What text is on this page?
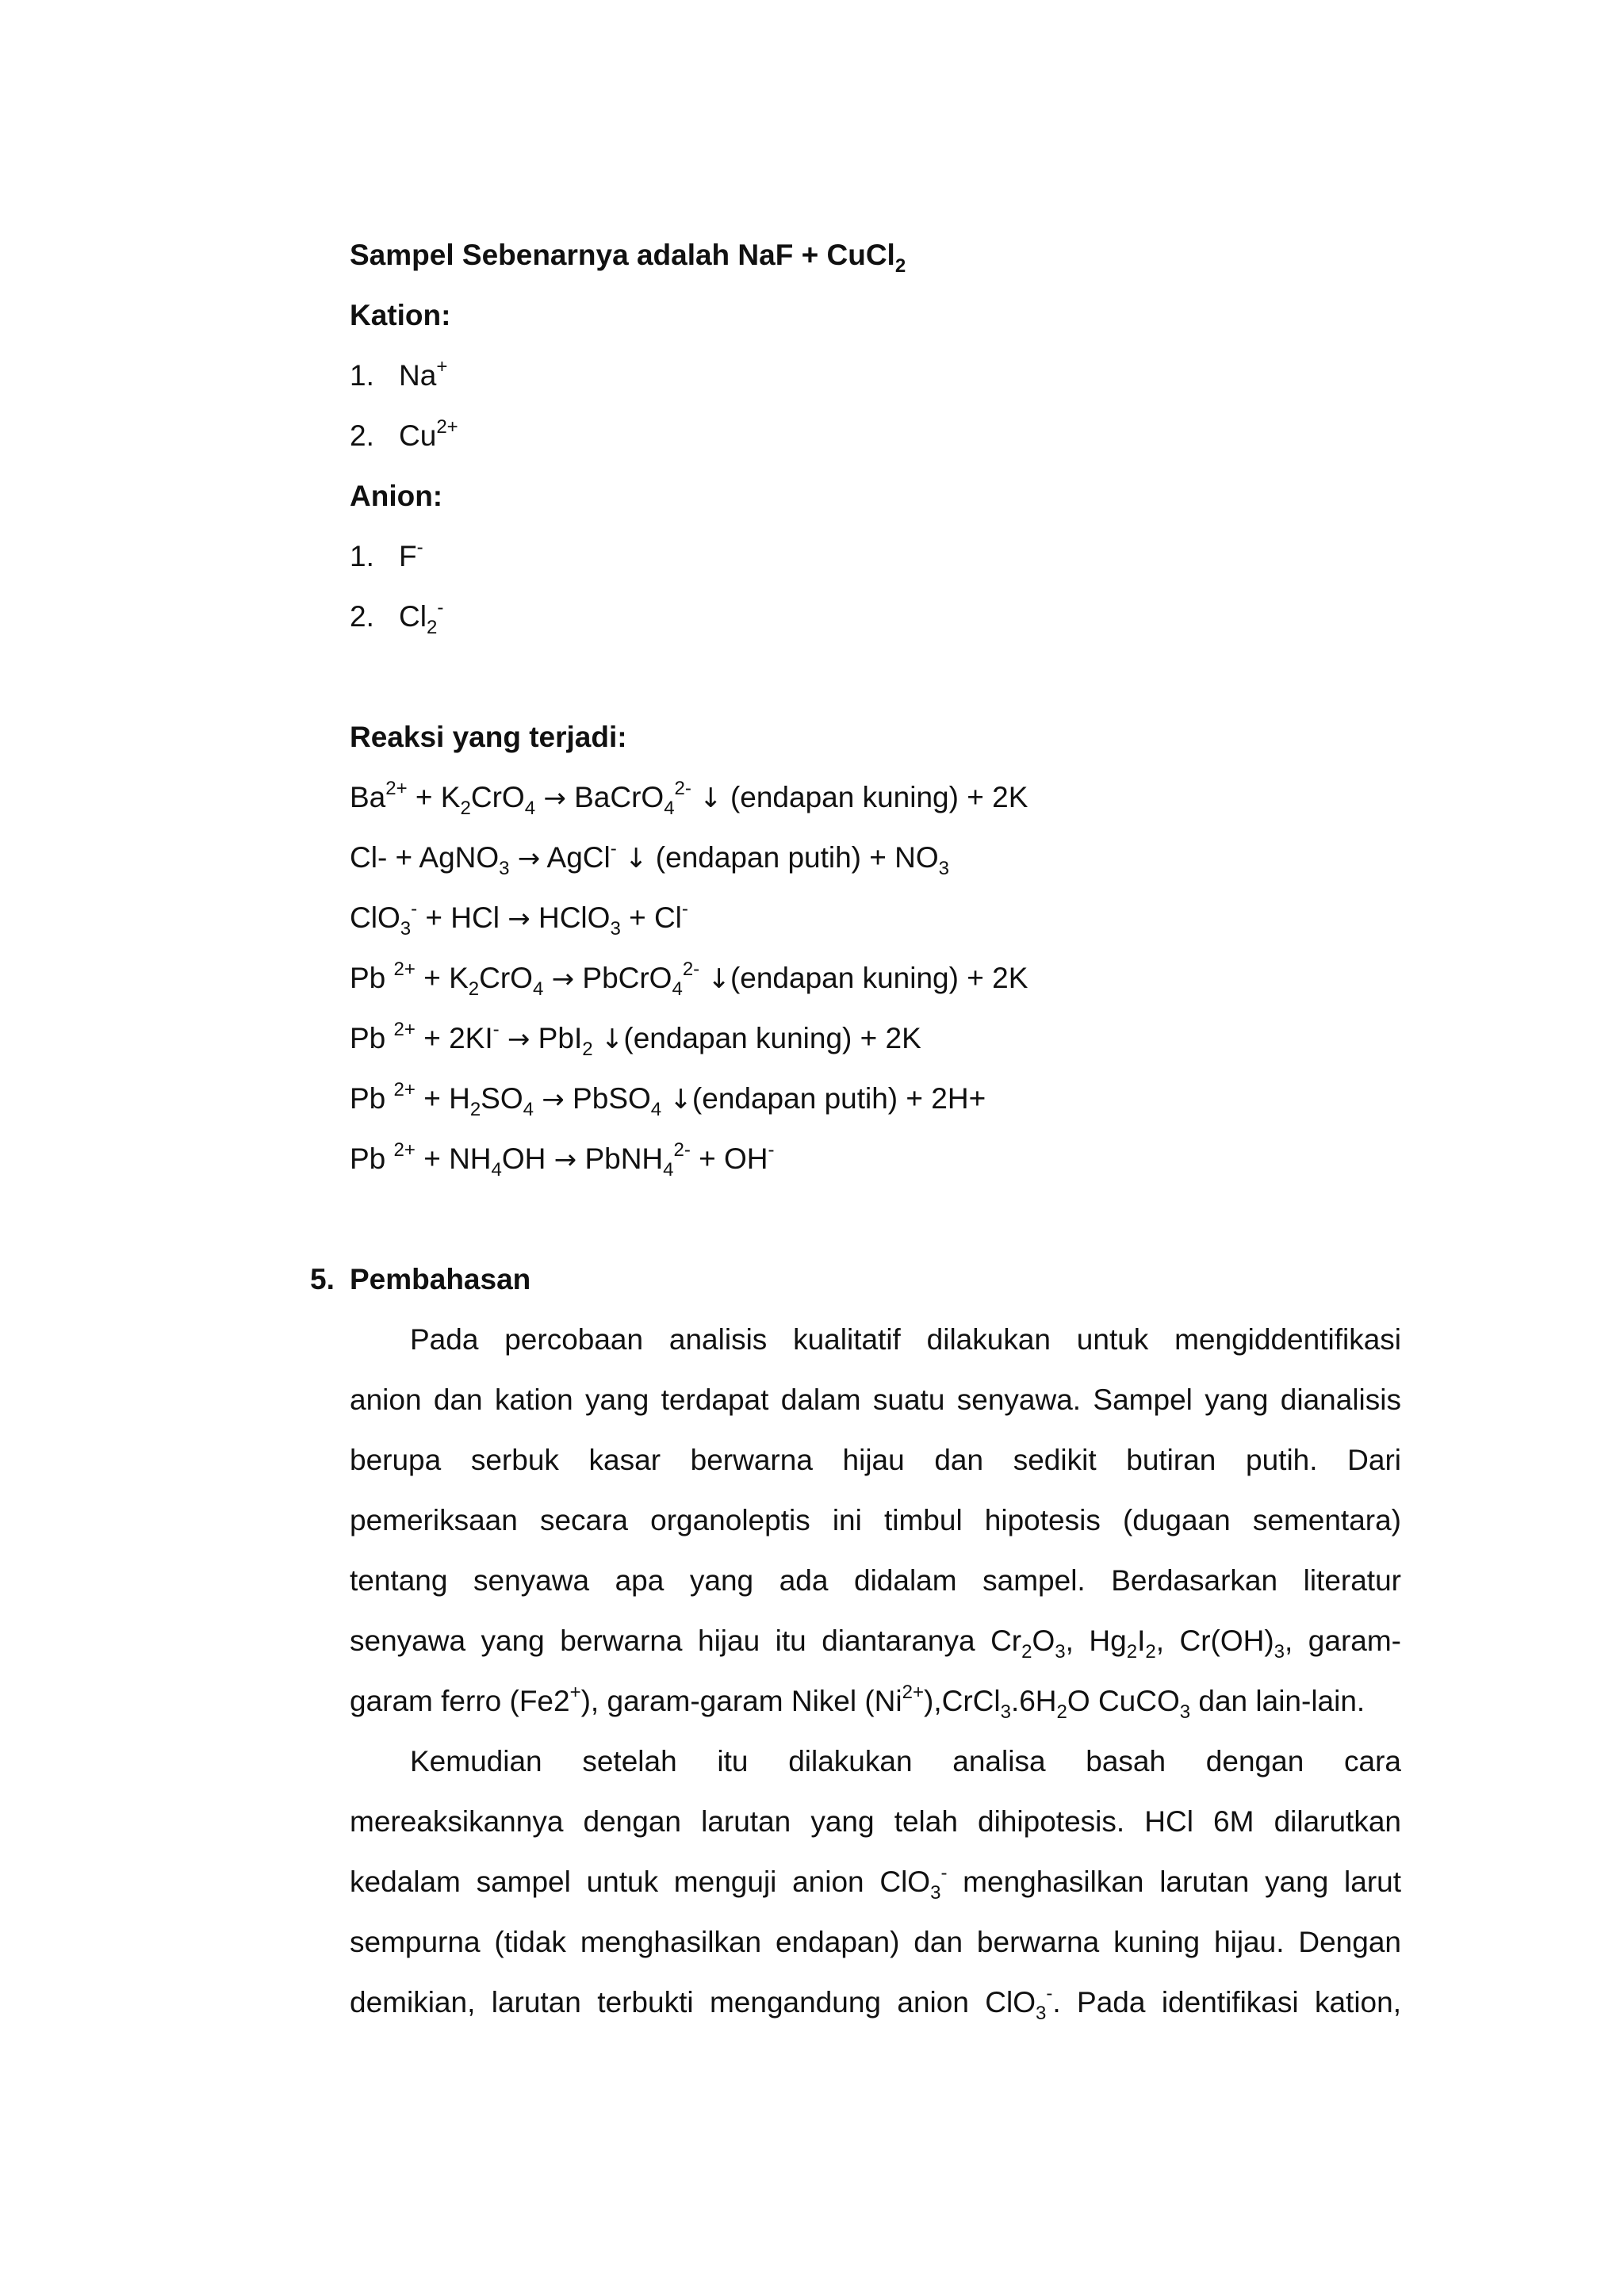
Sampel Sebenarnya adalah NaF + CuCl$_2$
Kation:
1. Na+
2. $Cu^{2+}$
Anion:
1. F-
2. $Cl_2^-$
Reaksi yang terjadi:
$Ba^{2+} + K_2CrO_4$ → BaCrO$_4^{2-}$ ↓ (endapan kuning) + 2K
Cl- + AgNO$_3$ → AgCl- ↓ (endapan putih) + $NO_3$
ClO$_3$- + HCl → HClO$_3$ + Cl-
Pb $^{2+} + K_2CrO_4$ → PbCrO$_4^{2-}$ ↓(endapan kuning) + 2K
Pb $^{2+}$ + 2KI- → PbI$_2$ ↓(endapan kuning) + 2K
Pb $^{2+} + H_2SO_4$ → PbSO$_4$ ↓(endapan putih) + 2H+
Pb $^{2+} + NH_4OH$ → PbNH$_4^{2-}$ + OH-
5. Pembahasan
Pada percobaan analisis kualitatif dilakukan untuk mengiddentifikasi
anion dan kation yang terdapat dalam suatu senyawa. Sampel yang dianalisis
berupa serbuk kasar berwarna hijau dan sedikit butiran putih. Dari
pemeriksaan secara organoleptis ini timbul hipotesis (dugaan sementara)
tentang senyawa apa yang ada didalam sampel. Berdasarkan literatur
senyawa yang berwarna hijau itu diantaranya $Cr_2O_3$, $Hg_2I_2$, $Cr(OH)_3$, garam-
garam ferro (Fe2+), garam-garam Nikel $(Ni^{2+}),CrCl_3.6H_2O$ CuCO$_3$ dan lain-lain.
Kemudian setelah itu dilakukan analisa basah dengan cara
mereaksikannya dengan larutan yang telah dihipotesis. HCl 6M dilarutkan
kedalam sampel untuk menguji anion ClO$_3$- menghasilkan larutan yang larut
sempurna (tidak menghasilkan endapan) dan berwarna kuning hijau. Dengan
demikian, larutan terbukti mengandung anion ClO$_3$-. Pada identifikasi kation,
